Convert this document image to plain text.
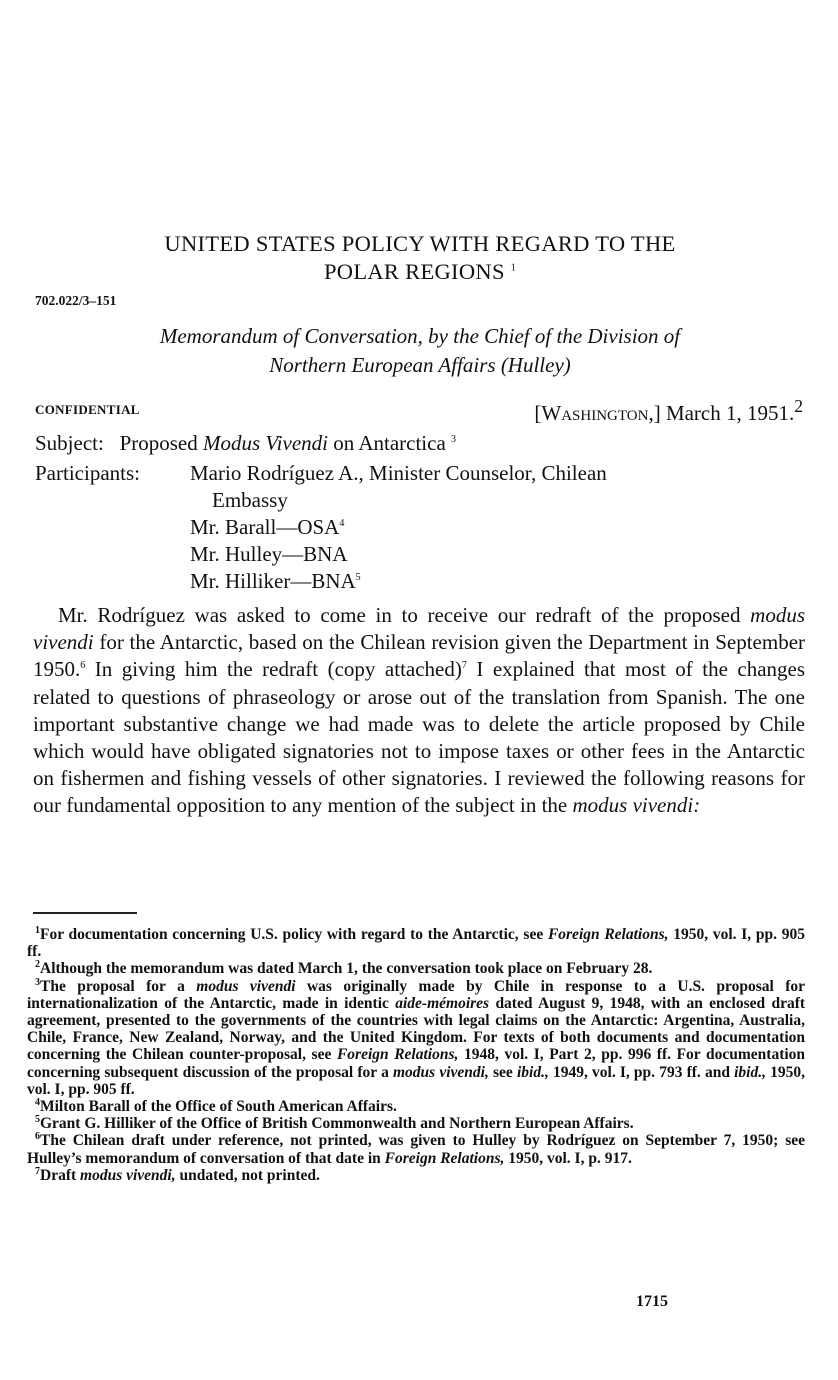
UNITED STATES POLICY WITH REGARD TO THE
POLAR REGIONS $^1$
702.022/3–151
Memorandum of Conversation, by the Chief of the Division of
Northern European Affairs (Hulley)
CONFIDENTIAL	[Washington,] March 1, 1951.$^2$
Subject: Proposed Modus Vivendi on Antarctica $^3$
Participants: Mario Rodríguez A., Minister Counselor, Chilean

Embassy

Mr. Barall—OSA$^4$

Mr. Hulley—BNA

Mr. Hilliker—BNA$^5$

Mr. Rodríguez was asked to come in to receive our redraft of the proposed modus vivendi for the Antarctic, based on the Chilean revision given the Department in September 1950.$^6$ In giving him the redraft (copy attached)$^7$ I explained that most of the changes related to questions of phraseology or arose out of the translation from Spanish. The one important substantive change we had made was to delete the article proposed by Chile which would have obligated signatories not to impose taxes or other fees in the Antarctic on fishermen and fishing vessels of other signatories. I reviewed the following reasons for our fundamental opposition to any mention of the subject in the modus vivendi:

$^1$For documentation concerning U.S. policy with regard to the Antarctic, see Foreign Relations, 1950, vol. I, pp. 905 ff.

$^2$Although the memorandum was dated March 1, the conversation took place on February 28.

$^3$The proposal for a modus vivendi was originally made by Chile in response to a U.S. proposal for internationalization of the Antarctic, made in identic aide-mémoires dated August 9, 1948, with an enclosed draft agreement, presented to the governments of the countries with legal claims on the Antarctic: Argentina, Australia, Chile, France, New Zealand, Norway, and the United Kingdom. For texts of both documents and documentation concerning the Chilean counter-proposal, see Foreign Relations, 1948, vol. I, Part 2, pp. 996 ff. For documentation concerning subsequent discussion of the proposal for a modus vivendi, see ibid., 1949, vol. I, pp. 793 ff. and ibid., 1950, vol. I, pp. 905 ff.

$^4$Milton Barall of the Office of South American Affairs.

$^5$Grant G. Hilliker of the Office of British Commonwealth and Northern European Affairs.

$^6$The Chilean draft under reference, not printed, was given to Hulley by Rodríguez on September 7, 1950; see Hulley’s memorandum of conversation of that date in Foreign Relations, 1950, vol. I, p. 917.

$^7$Draft modus vivendi, undated, not printed.

1715
